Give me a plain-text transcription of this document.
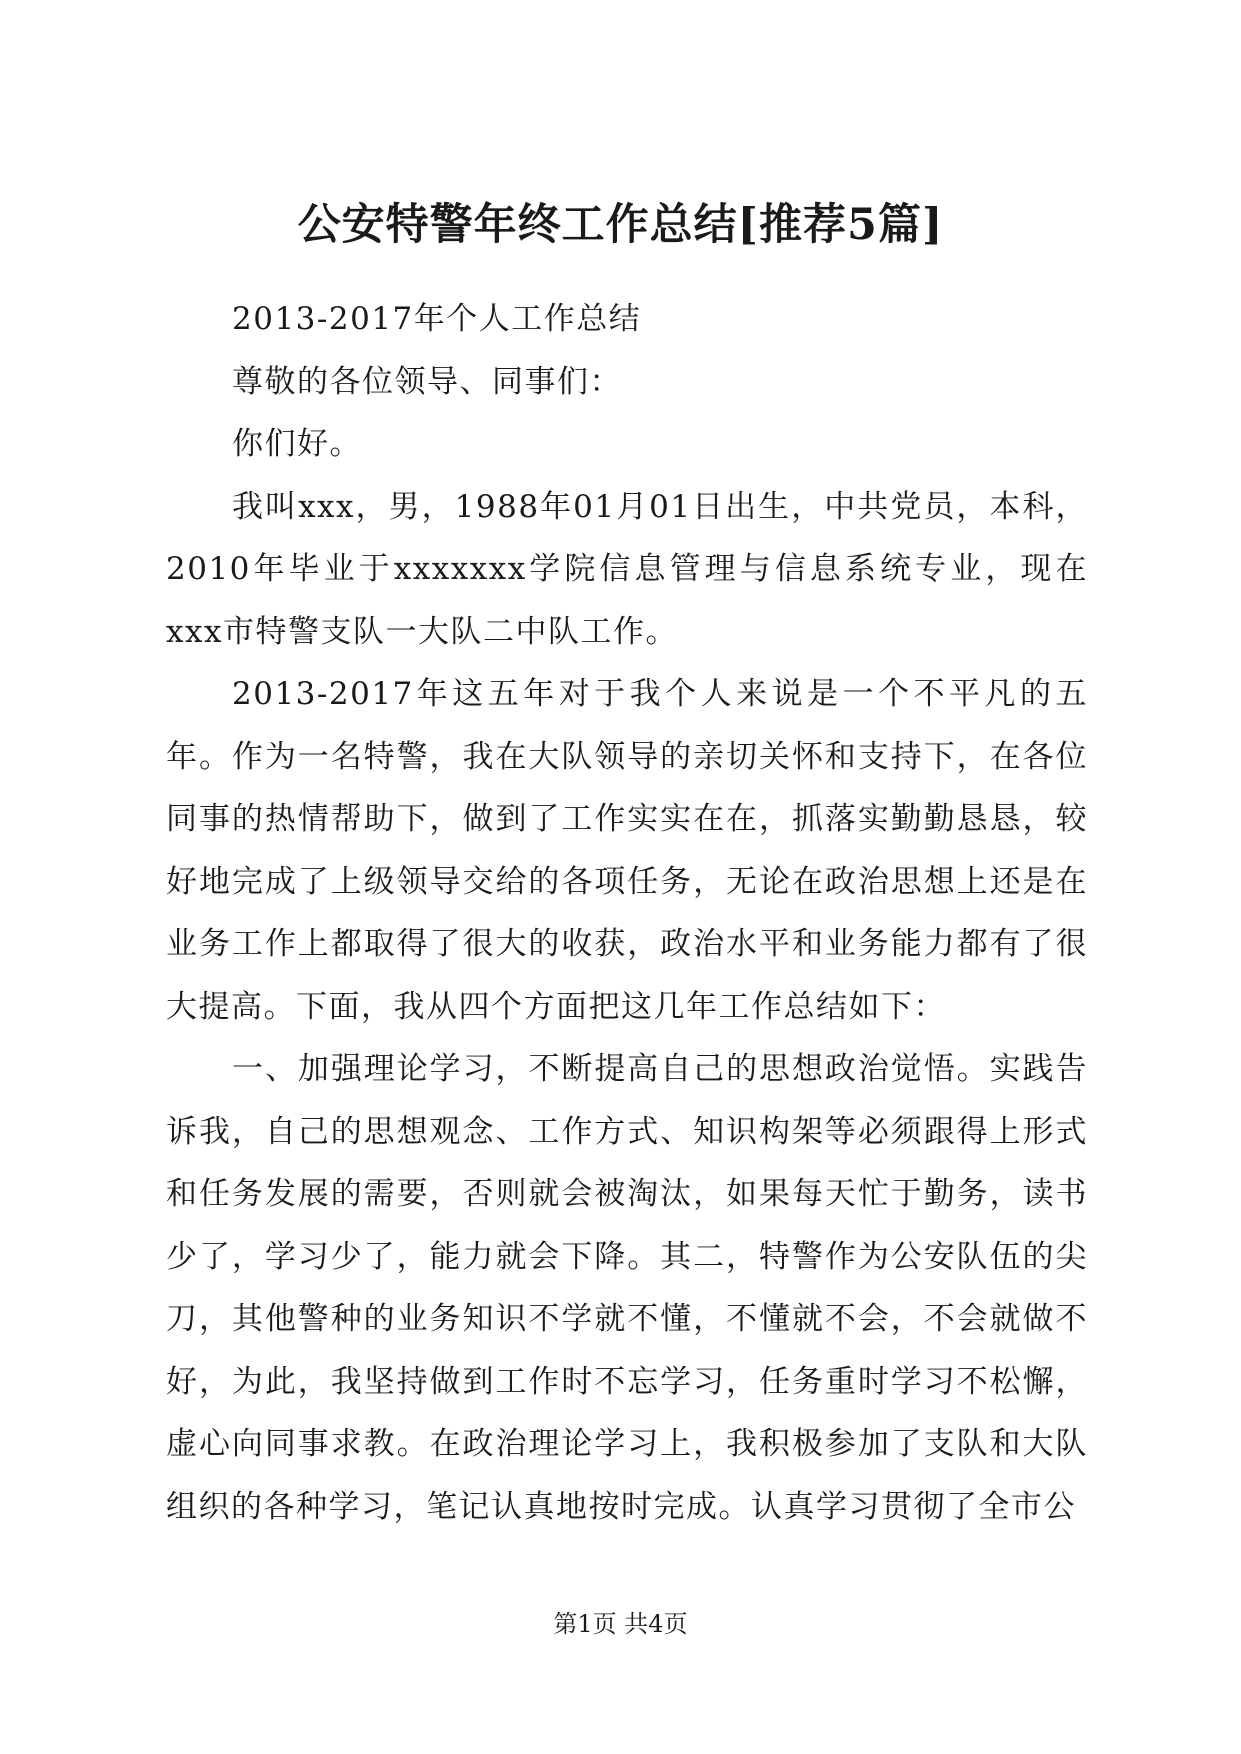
公安特警年终工作总结[推荐5篇]

2013-2017年个人工作总结

尊敬的各位领导、同事们：

你们好。

我叫xxx，男，1988年01月01日出生，中共党员，本科，2010年毕业于xxxxxxx学院信息管理与信息系统专业，现在xxx市特警支队一大队二中队工作。

2013-2017年这五年对于我个人来说是一个不平凡的五年。作为一名特警，我在大队领导的亲切关怀和支持下，在各位同事的热情帮助下，做到了工作实实在在，抓落实勤勤恳恳，较好地完成了上级领导交给的各项任务，无论在政治思想上还是在业务工作上都取得了很大的收获，政治水平和业务能力都有了很大提高。下面，我从四个方面把这几年工作总结如下：

一、加强理论学习，不断提高自己的思想政治觉悟。实践告诉我，自己的思想观念、工作方式、知识构架等必须跟得上形式和任务发展的需要，否则就会被淘汰，如果每天忙于勤务，读书少了，学习少了，能力就会下降。其二，特警作为公安队伍的尖刀，其他警种的业务知识不学就不懂，不懂就不会，不会就做不好，为此，我坚持做到工作时不忘学习，任务重时学习不松懈，虚心向同事求教。在政治理论学习上，我积极参加了支队和大队组织的各种学习，笔记认真地按时完成。认真学习贯彻了全市公

第1页 共4页
